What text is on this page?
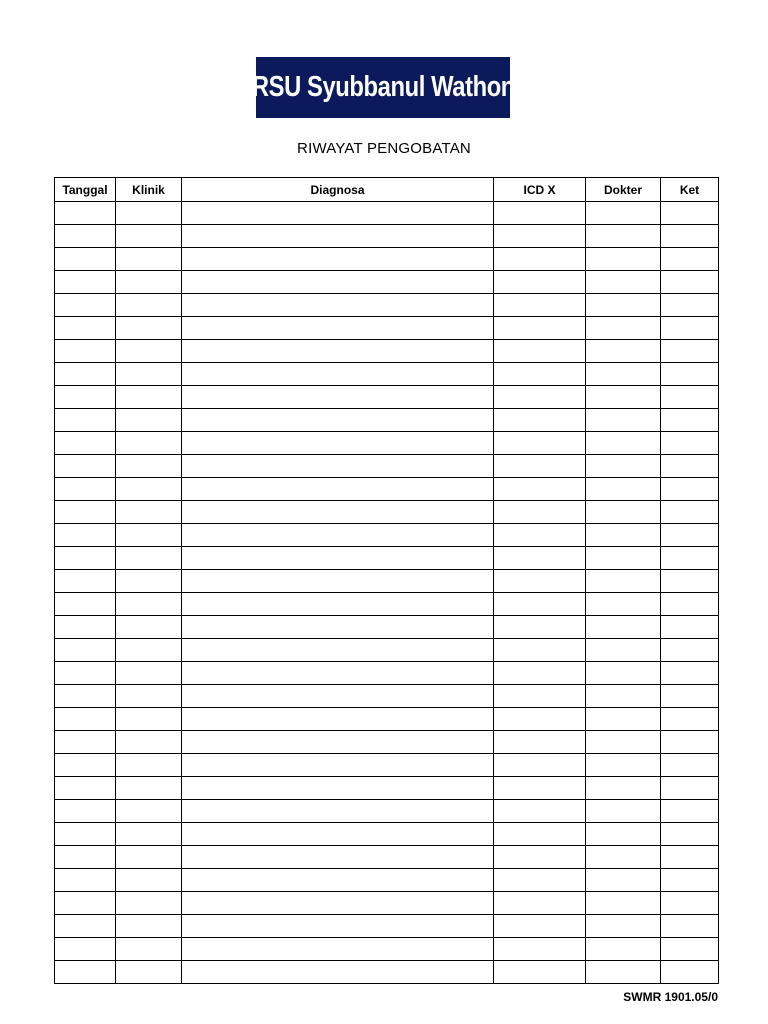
RSU Syubbanul Wathon
RIWAYAT PENGOBATAN
Tanggal	Klinik	Diagnosa	ICD X	Dokter	Ket

SWMR 1901.05/0
